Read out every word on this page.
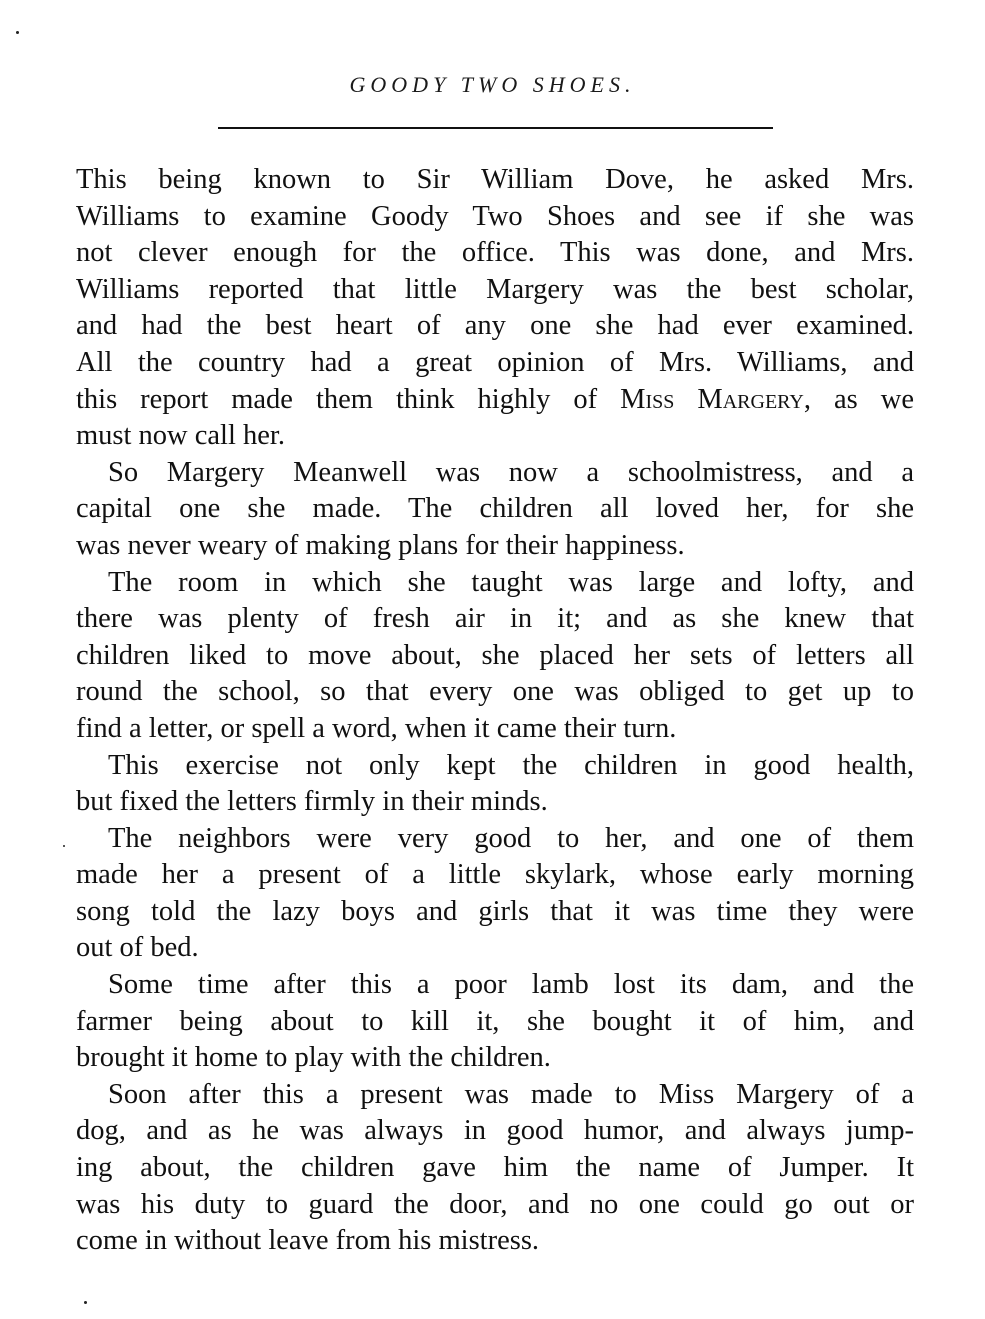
GOODY TWO SHOES.
This being known to Sir William Dove, he asked Mrs.
Williams to examine Goody Two Shoes and see if she was
not clever enough for the office. This was done, and Mrs.
Williams reported that little Margery was the best scholar,
and had the best heart of any one she had ever examined.
All the country had a great opinion of Mrs. Williams, and
this report made them think highly of Miss Margery, as we
must now call her.
So Margery Meanwell was now a schoolmistress, and a
capital one she made. The children all loved her, for she
was never weary of making plans for their happiness.
The room in which she taught was large and lofty, and
there was plenty of fresh air in it; and as she knew that
children liked to move about, she placed her sets of letters all
round the school, so that every one was obliged to get up to
find a letter, or spell a word, when it came their turn.
This exercise not only kept the children in good health,
but fixed the letters firmly in their minds.
The neighbors were very good to her, and one of them
made her a present of a little skylark, whose early morning
song told the lazy boys and girls that it was time they were
out of bed.
Some time after this a poor lamb lost its dam, and the
farmer being about to kill it, she bought it of him, and
brought it home to play with the children.
Soon after this a present was made to Miss Margery of a
dog, and as he was always in good humor, and always jump-
ing about, the children gave him the name of Jumper. It
was his duty to guard the door, and no one could go out or
come in without leave from his mistress.
